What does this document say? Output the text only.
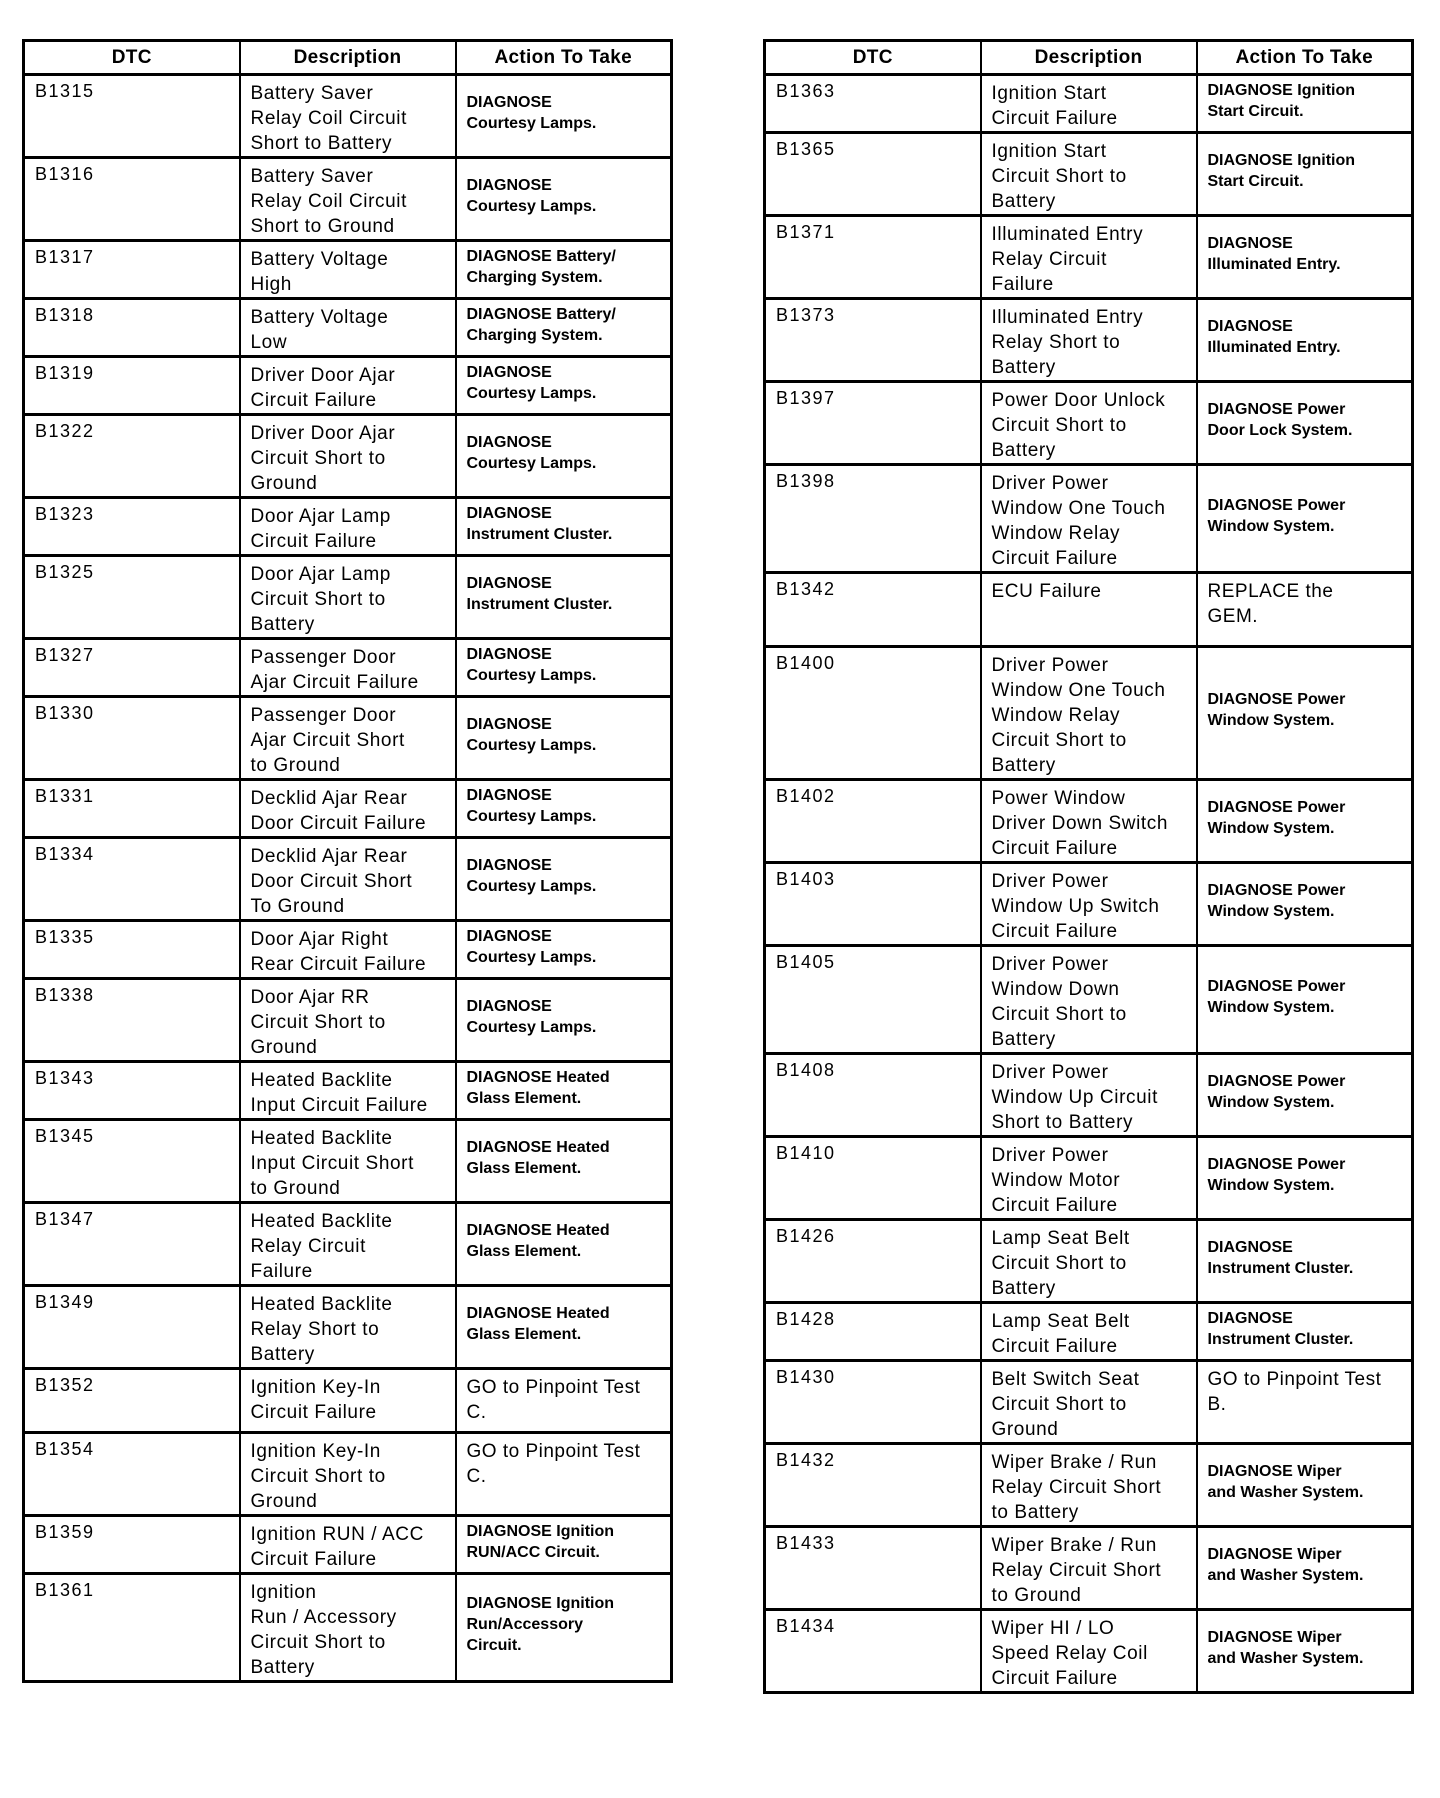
DTC	Description	Action To Take
B1315	Battery Saver
Relay Coil Circuit
Short to Battery	DIAGNOSE
Courtesy Lamps.
B1316	Battery Saver
Relay Coil Circuit
Short to Ground	DIAGNOSE
Courtesy Lamps.
B1317	Battery Voltage
High	DIAGNOSE Battery/
Charging System.
B1318	Battery Voltage
Low	DIAGNOSE Battery/
Charging System.
B1319	Driver Door Ajar
Circuit Failure	DIAGNOSE
Courtesy Lamps.
B1322	Driver Door Ajar
Circuit Short to
Ground	DIAGNOSE
Courtesy Lamps.
B1323	Door Ajar Lamp
Circuit Failure	DIAGNOSE
Instrument Cluster.
B1325	Door Ajar Lamp
Circuit Short to
Battery	DIAGNOSE
Instrument Cluster.
B1327	Passenger Door
Ajar Circuit Failure	DIAGNOSE
Courtesy Lamps.
B1330	Passenger Door
Ajar Circuit Short
to Ground	DIAGNOSE
Courtesy Lamps.
B1331	Decklid Ajar Rear
Door Circuit Failure	DIAGNOSE
Courtesy Lamps.
B1334	Decklid Ajar Rear
Door Circuit Short
To Ground	DIAGNOSE
Courtesy Lamps.
B1335	Door Ajar Right
Rear Circuit Failure	DIAGNOSE
Courtesy Lamps.
B1338	Door Ajar RR
Circuit Short to
Ground	DIAGNOSE
Courtesy Lamps.
B1343	Heated Backlite
Input Circuit Failure	DIAGNOSE Heated
Glass Element.
B1345	Heated Backlite
Input Circuit Short
to Ground	DIAGNOSE Heated
Glass Element.
B1347	Heated Backlite
Relay Circuit
Failure	DIAGNOSE Heated
Glass Element.
B1349	Heated Backlite
Relay Short to
Battery	DIAGNOSE Heated
Glass Element.
B1352	Ignition Key-In
Circuit Failure	GO to Pinpoint Test
C.
B1354	Ignition Key-In
Circuit Short to
Ground	GO to Pinpoint Test
C.
B1359	Ignition RUN / ACC
Circuit Failure	DIAGNOSE Ignition
RUN/ACC Circuit.
B1361	Ignition
Run / Accessory
Circuit Short to
Battery	DIAGNOSE Ignition
Run/Accessory
Circuit.
DTC	Description	Action To Take
B1363	Ignition Start
Circuit Failure	DIAGNOSE Ignition
Start Circuit.
B1365	Ignition Start
Circuit Short to
Battery	DIAGNOSE Ignition
Start Circuit.
B1371	Illuminated Entry
Relay Circuit
Failure	DIAGNOSE
Illuminated Entry.
B1373	Illuminated Entry
Relay Short to
Battery	DIAGNOSE
Illuminated Entry.
B1397	Power Door Unlock
Circuit Short to
Battery	DIAGNOSE Power
Door Lock System.
B1398	Driver Power
Window One Touch
Window Relay
Circuit Failure	DIAGNOSE Power
Window System.
B1342	ECU Failure	REPLACE the
GEM.
B1400	Driver Power
Window One Touch
Window Relay
Circuit Short to
Battery	DIAGNOSE Power
Window System.
B1402	Power Window
Driver Down Switch
Circuit Failure	DIAGNOSE Power
Window System.
B1403	Driver Power
Window Up Switch
Circuit Failure	DIAGNOSE Power
Window System.
B1405	Driver Power
Window Down
Circuit Short to
Battery	DIAGNOSE Power
Window System.
B1408	Driver Power
Window Up Circuit
Short to Battery	DIAGNOSE Power
Window System.
B1410	Driver Power
Window Motor
Circuit Failure	DIAGNOSE Power
Window System.
B1426	Lamp Seat Belt
Circuit Short to
Battery	DIAGNOSE
Instrument Cluster.
B1428	Lamp Seat Belt
Circuit Failure	DIAGNOSE
Instrument Cluster.
B1430	Belt Switch Seat
Circuit Short to
Ground	GO to Pinpoint Test
B.
B1432	Wiper Brake / Run
Relay Circuit Short
to Battery	DIAGNOSE Wiper
and Washer System.
B1433	Wiper Brake / Run
Relay Circuit Short
to Ground	DIAGNOSE Wiper
and Washer System.
B1434	Wiper HI / LO
Speed Relay Coil
Circuit Failure	DIAGNOSE Wiper
and Washer System.
